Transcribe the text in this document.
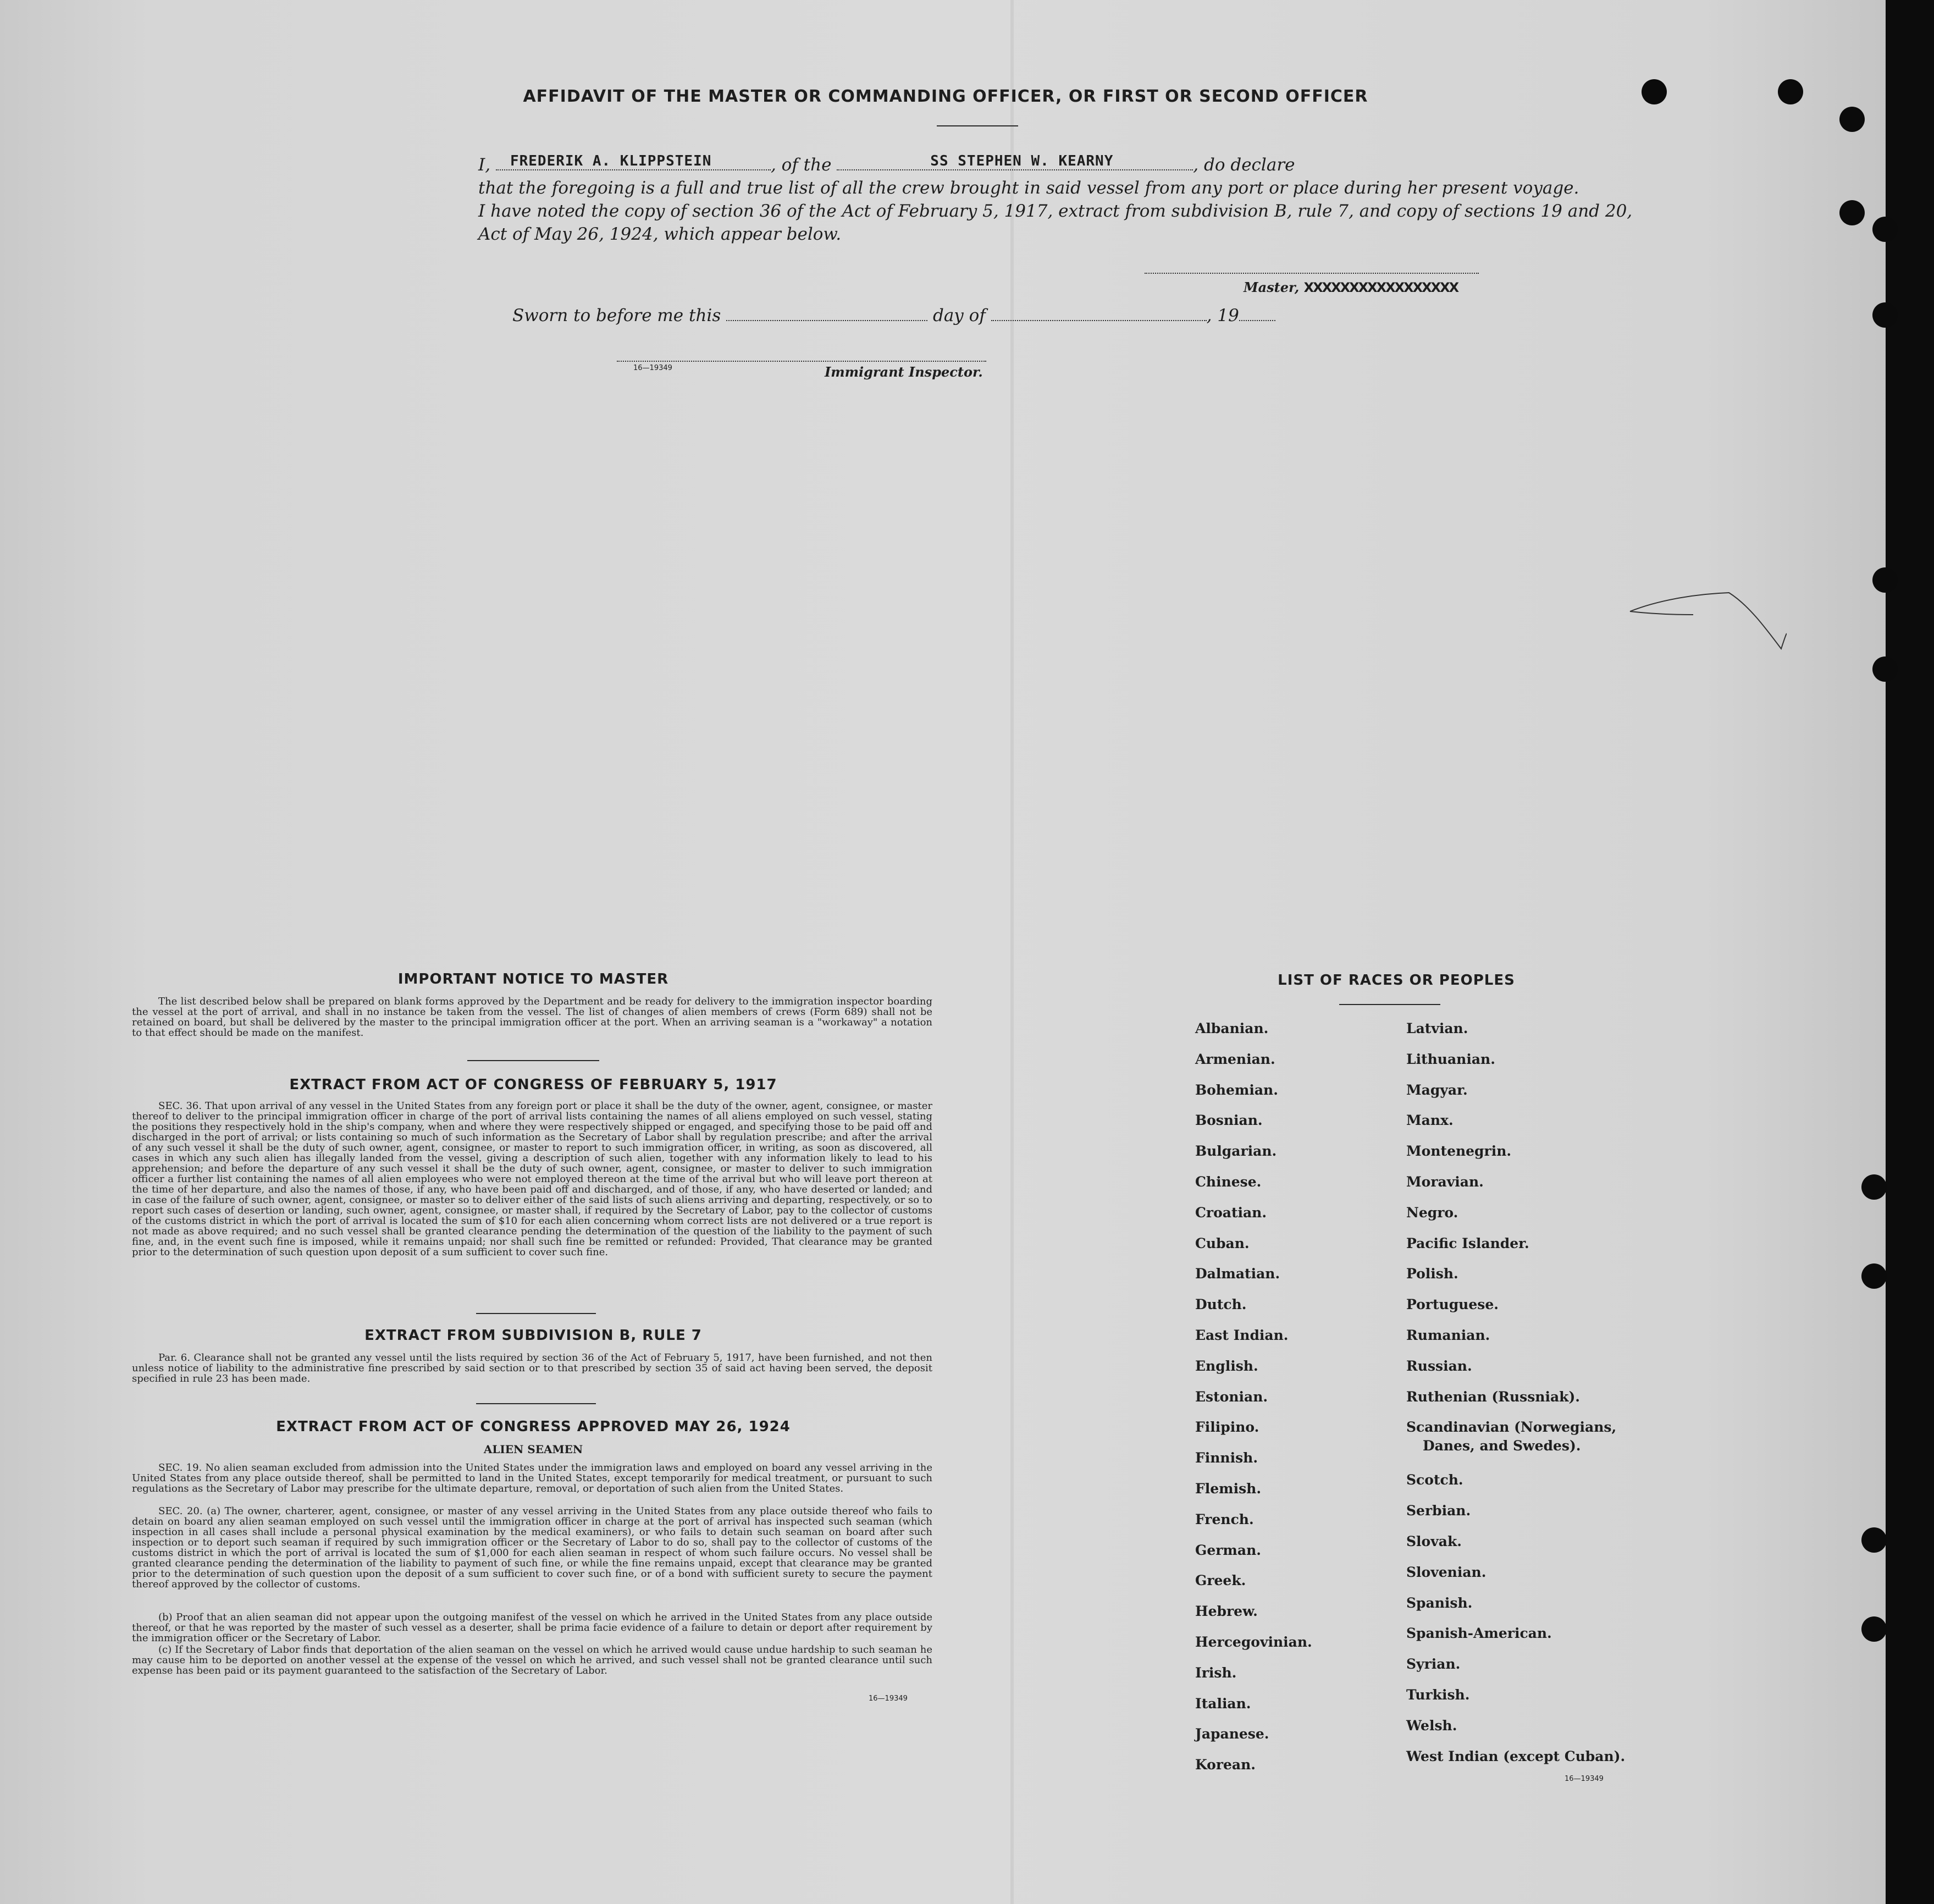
AFFIDAVIT OF THE MASTER OR COMMANDING OFFICER, OR FIRST OR SECOND OFFICER
I, FREDERIK A. KLIPPSTEIN	, of the	SS STEPHEN W. KEARNY	, do declare
that the foregoing is a full and true list of all the crew brought in said vessel from any port or place during her present voyage.
I have noted the copy of section 36 of the Act of February 5, 1917, extract from subdivision B, rule 7, and copy of sections 19 and 20,
Act of May 26, 1924, which appear below.
Master, XXXXXXXXXXXXXXXXX
Sworn to before me this	day of	, 19
16—19349	Immigrant Inspector.
IMPORTANT NOTICE TO MASTER
The list described below shall be prepared on blank forms approved by the Department and be ready for delivery to the immigration inspector boarding the vessel at the port of arrival, and shall in no instance be taken from the vessel. The list of changes of alien members of crews (Form 689) shall not be retained on board, but shall be delivered by the master to the principal immigration officer at the port. When an arriving seaman is a "workaway" a notation to that effect should be made on the manifest.
EXTRACT FROM ACT OF CONGRESS OF FEBRUARY 5, 1917
SEC. 36. That upon arrival of any vessel in the United States from any foreign port or place it shall be the duty of the owner, agent, consignee, or master thereof to deliver to the principal immigration officer in charge of the port of arrival lists containing the names of all aliens employed on such vessel, stating the positions they respectively hold in the ship's company, when and where they were respectively shipped or engaged, and specifying those to be paid off and discharged in the port of arrival; or lists containing so much of such information as the Secretary of Labor shall by regulation prescribe; and after the arrival of any such vessel it shall be the duty of such owner, agent, consignee, or master to report to such immigration officer, in writing, as soon as discovered, all cases in which any such alien has illegally landed from the vessel, giving a description of such alien, together with any information likely to lead to his apprehension; and before the departure of any such vessel it shall be the duty of such owner, agent, consignee, or master to deliver to such immigration officer a further list containing the names of all alien employees who were not employed thereon at the time of the arrival but who will leave port thereon at the time of her departure, and also the names of those, if any, who have been paid off and discharged, and of those, if any, who have deserted or landed; and in case of the failure of such owner, agent, consignee, or master so to deliver either of the said lists of such aliens arriving and departing, respectively, or so to report such cases of desertion or landing, such owner, agent, consignee, or master shall, if required by the Secretary of Labor, pay to the collector of customs of the customs district in which the port of arrival is located the sum of $10 for each alien concerning whom correct lists are not delivered or a true report is not made as above required; and no such vessel shall be granted clearance pending the determination of the question of the liability to the payment of such fine, and, in the event such fine is imposed, while it remains unpaid; nor shall such fine be remitted or refunded: Provided, That clearance may be granted prior to the determination of such question upon deposit of a sum sufficient to cover such fine.
EXTRACT FROM SUBDIVISION B, RULE 7
Par. 6. Clearance shall not be granted any vessel until the lists required by section 36 of the Act of February 5, 1917, have been furnished, and not then unless notice of liability to the administrative fine prescribed by said section or to that prescribed by section 35 of said act having been served, the deposit specified in rule 23 has been made.
EXTRACT FROM ACT OF CONGRESS APPROVED MAY 26, 1924
ALIEN SEAMEN
SEC. 19. No alien seaman excluded from admission into the United States under the immigration laws and employed on board any vessel arriving in the United States from any place outside thereof, shall be permitted to land in the United States, except temporarily for medical treatment, or pursuant to such regulations as the Secretary of Labor may prescribe for the ultimate departure, removal, or deportation of such alien from the United States.
SEC. 20. (a) The owner, charterer, agent, consignee, or master of any vessel arriving in the United States from any place outside thereof who fails to detain on board any alien seaman employed on such vessel until the immigration officer in charge at the port of arrival has inspected such seaman (which inspection in all cases shall include a personal physical examination by the medical examiners), or who fails to detain such seaman on board after such inspection or to deport such seaman if required by such immigration officer or the Secretary of Labor to do so, shall pay to the collector of customs of the customs district in which the port of arrival is located the sum of $1,000 for each alien seaman in respect of whom such failure occurs. No vessel shall be granted clearance pending the determination of the liability to payment of such fine, or while the fine remains unpaid, except that clearance may be granted prior to the determination of such question upon the deposit of a sum sufficient to cover such fine, or of a bond with sufficient surety to secure the payment thereof approved by the collector of customs.
(b) Proof that an alien seaman did not appear upon the outgoing manifest of the vessel on which he arrived in the United States from any place outside thereof, or that he was reported by the master of such vessel as a deserter, shall be prima facie evidence of a failure to detain or deport after requirement by the immigration officer or the Secretary of Labor.
(c) If the Secretary of Labor finds that deportation of the alien seaman on the vessel on which he arrived would cause undue hardship to such seaman he may cause him to be deported on another vessel at the expense of the vessel on which he arrived, and such vessel shall not be granted clearance until such expense has been paid or its payment guaranteed to the satisfaction of the Secretary of Labor.
16—19349
LIST OF RACES OR PEOPLES
Albanian.
Armenian.
Bohemian.
Bosnian.
Bulgarian.
Chinese.
Croatian.
Cuban.
Dalmatian.
Dutch.
East Indian.
English.
Estonian.
Filipino.
Finnish.
Flemish.
French.
German.
Greek.
Hebrew.
Hercegovinian.
Irish.
Italian.
Japanese.
Korean.
Latvian.
Lithuanian.
Magyar.
Manx.
Montenegrin.
Moravian.
Negro.
Pacific Islander.
Polish.
Portuguese.
Rumanian.
Russian.
Ruthenian (Russniak).
Scandinavian (Norwegians,
Danes, and Swedes).
Scotch.
Serbian.
Slovak.
Slovenian.
Spanish.
Spanish-American.
Syrian.
Turkish.
Welsh.
West Indian (except Cuban).
16—19349
